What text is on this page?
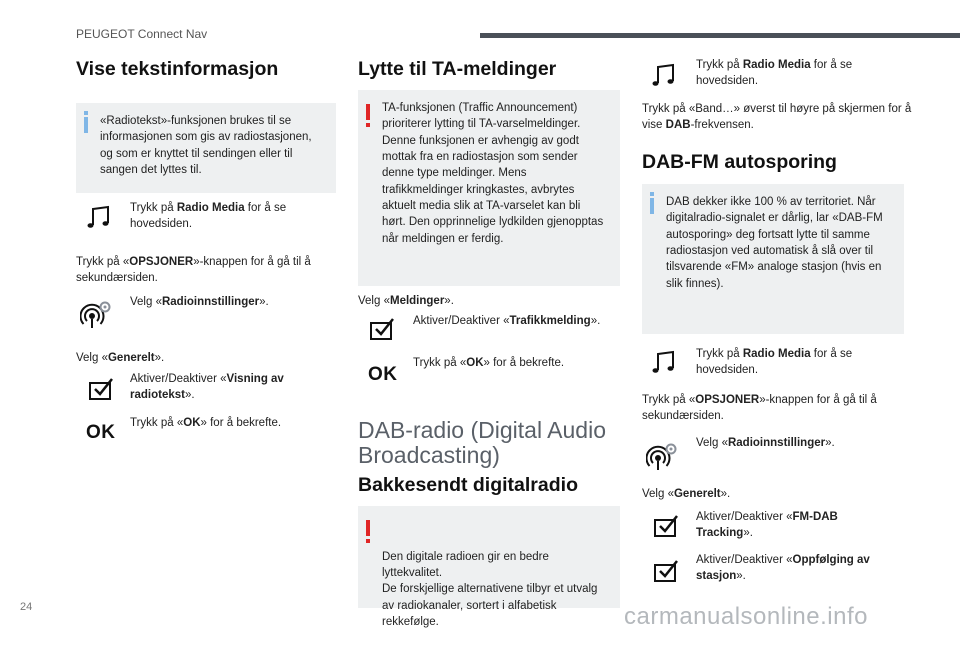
PEUGEOT Connect Nav
Vise tekstinformasjon

«Radiotekst»-funksjonen brukes til se informasjonen som gis av radiostasjonen, og som er knyttet til sendingen eller til sangen det lyttes til.

Trykk på Radio Media for å se hovedsiden.

Trykk på «OPSJONER»-knappen for å gå til å sekundærsiden.

Velg «Radioinnstillinger».

Velg «Generelt».

Aktiver/Deaktiver «Visning av radiotekst».

OK Trykk på «OK» for å bekrefte.

Lytte til TA-meldinger

TA-funksjonen (Traffic Announcement) prioriterer lytting til TA-varselmeldinger. Denne funksjonen er avhengig av godt mottak fra en radiostasjon som sender denne type meldinger. Mens trafikkmeldinger kringkastes, avbrytes aktuelt media slik at TA-varselet kan bli hørt. Den opprinnelige lydkilden gjenopptas når meldingen er ferdig.

Velg «Meldinger».

Aktiver/Deaktiver «Trafikkmelding».

OK

Trykk på «OK» for å bekrefte.

DAB-radio (Digital Audio Broadcasting)
Bakkesendt digitalradio

Den digitale radioen gir en bedre lyttekvalitet.
De forskjellige alternativene tilbyr et utvalg av radiokanaler, sortert i alfabetisk rekkefølge.

Trykk på Radio Media for å se hovedsiden.

Trykk på «Band…» øverst til høyre på skjermen for å vise DAB-frekvensen.

DAB-FM autosporing

DAB dekker ikke 100 % av territoriet. Når digitalradio-signalet er dårlig, lar «DAB-FM autosporing» deg fortsatt lytte til samme radiostasjon ved automatisk å slå over til tilsvarende «FM» analoge stasjon (hvis en slik finnes).

Trykk på Radio Media for å se hovedsiden.

Trykk på «OPSJONER»-knappen for å gå til å sekundærsiden.

Velg «Radioinnstillinger».

Velg «Generelt».

Aktiver/Deaktiver «FM-DAB Tracking».

Aktiver/Deaktiver «Oppfølging av stasjon».

24	carmanualsonline.info
